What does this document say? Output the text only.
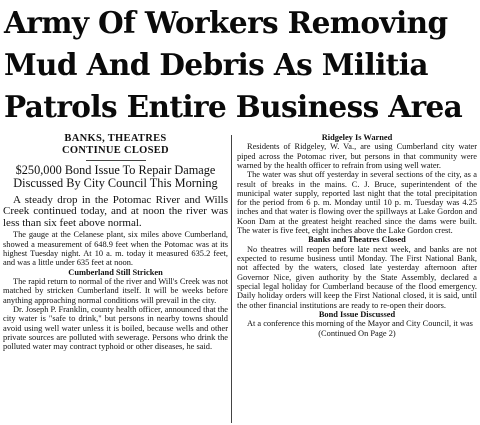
Army Of Workers Removing
Mud And Debris As Militia
Patrols Entire Business Area
BANKS, THEATRES
CONTINUE CLOSED
$250,000 Bond Issue To Repair Damage Discussed By City Council This Morning
A steady drop in the Potomac River and Wills Creek continued today, and at noon the river was less than six feet above normal.
The gauge at the Celanese plant, six miles above Cumberland, showed a measurement of 648.9 feet when the Potomac was at its highest Tuesday night. At 10 a. m. today it measured 635.2 feet, and was a little under 635 feet at noon.
Cumberland Still Stricken
The rapid return to normal of the river and Will's Creek was not matched by stricken Cumberland itself. It will be weeks before anything approaching normal conditions will prevail in the city.
Dr. Joseph P. Franklin, county health officer, announced that the city water is "safe to drink," but persons in nearby towns should avoid using well water unless it is boiled, because wells and other private sources are polluted with sewerage. Persons who drink the polluted water may contract typhoid or other diseases, he said.
Ridgeley Is Warned
Residents of Ridgeley, W. Va., are using Cumberland city water piped across the Potomac river, but persons in that community were warned by the health officer to refrain from using well water.
The water was shut off yesterday in several sections of the city, as a result of breaks in the mains. C. J. Bruce, superintendent of the municipal water supply, reported last night that the total precipitation for the period from 6 p. m. Monday until 10 p. m. Tuesday was 4.25 inches and that water is flowing over the spillways at Lake Gordon and Koon Dam at the greatest height reached since the dams were built. The water is five feet, eight inches above the Lake Gordon crest.
Banks and Theatres Closed
No theatres will reopen before late next week, and banks are not expected to resume business until Monday. The First National Bank, not affected by the waters, closed late yesterday afternoon after Governor Nice, given authority by the State Assembly, declared a special legal holiday for Cumberland because of the flood emergency. Daily holiday orders will keep the First National closed, it is said, until the other financial institutions are ready to re-open their doors.
Bond Issue Discussed
At a conference this morning of the Mayor and City Council, it was
(Continued On Page 2)
